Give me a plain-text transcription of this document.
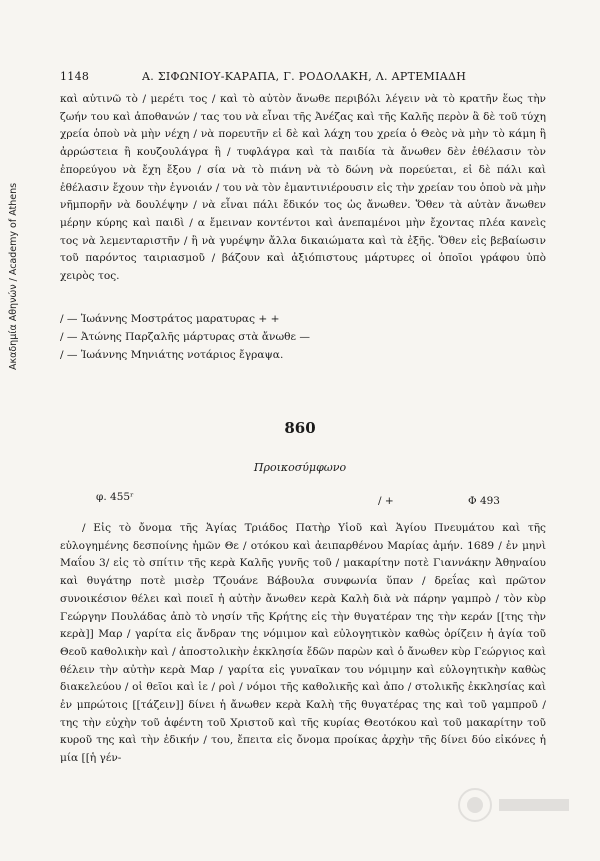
Ακαδημία Αθηνών / Academy of Athens
1148	Α. ΣΙΦΩΝΙΟΥ-ΚΑΡΑΠΑ, Γ. ΡΟΔΟΛΑΚΗ, Λ. ΑΡΤΕΜΙΑΔΗ

καὶ αὐτινῶ τὸ / μερέτι τος / καὶ τὸ αὐτὸν ἄνωθε περιβόλι λέγειν νὰ τὸ κρατῆν ἕως τὴν ζωήν του καὶ ἀποθανών / τας του νὰ εἶναι τῆς Ἀνέζας καὶ τῆς Καλῆς περὸν ἃ δὲ τοῦ τύχη χρεία ὁποὺ νὰ μὴν νέχη / νὰ πορευτῆν εἰ δὲ καὶ λάχη του χρεία ὁ Θεὸς νὰ μὴν τὸ κάμη ἢ ἀρρώστεια ἢ κουζουλάγρα ἢ / τυφλάγρα καὶ τὰ παιδία τὰ ἄνωθεν δὲν ἐθέλασιν τὸν ἐπορεύγου νὰ ἔχη ἔξου / σία νὰ τὸ πιάνη νὰ τὸ δώνη νὰ πορεύεται, εἰ δὲ πάλι καὶ ἐθέλασιν ἔχουν τὴν ἐγνοιάν / του νὰ τὸν ἐμαντινιέρουσιν εἰς τὴν χρείαν του ὁποὺ νὰ μὴν νῆμπορῆν νὰ δουλέψην / νὰ εἶναι πάλι ἔδικόν τος ὡς ἄνωθεν. Ὅθεν τὰ αὐτὰν ἄνωθεν μέρην κύρης καὶ παιδὶ / α ἔμειναν κοντέντοι καὶ ἀνεπαμένοι μὴν ἔχοντας πλέα κανεὶς τος νὰ λεμενταριστῆν / ἢ νὰ γυρέψην ἄλλα δικαιώματα καὶ τὰ ἐξῆς. Ὅθεν εἰς βεβαίωσιν τοῦ παρόντος ταιριασμοῦ / βάζουν καὶ ἀξιόπιστους μάρτυρες οἱ ὁποῖοι γράφου ὑπὸ χειρὸς τος.

/ — Ἰωάννης Μοστράτος μαρατυρας + +
/ — Ἀτώνης Παρζαλῆς μάρτυρας στὰ ἄνωθε —
/ — Ἰωάννης Μηνιάτης νοτάριος ἔγραψα.
860
Προικοσύμφωνο
φ. 455ʳ	/ +	Φ 493

/ Εἰς τὸ ὄνομα τῆς Ἁγίας Τριάδος Πατὴρ Υἱοῦ καὶ Ἁγίου Πνευμάτου καὶ τῆς εὐλογημένης δεσποίνης ἡμῶν Θε / οτόκου καὶ ἀειπαρθένου Μαρίας ἀμήν. 1689 / ἐν μηνὶ Μαΐου 3/ εἰς τὸ σπίτιν τῆς κερὰ Καλῆς γυνῆς τοῦ / μακαρίτην ποτὲ Γιαννάκην Ἀθηναίου καὶ θυγάτηρ ποτὲ μισὲρ Τζουάνε Βάβουλα συνφωνία ὕπαν / δρεΐας καὶ πρῶτον συνοικέσιον θέλει καὶ ποιεῖ ἡ αὐτὴν ἄνωθεν κερὰ Καλὴ διὰ νὰ πάρην γαμπρὸ / τὸν κὺρ Γεώργην Πουλάδας ἀπὸ τὸ νησίν τῆς Κρήτης εἰς τὴν θυγατέραν της τὴν κεράν [[της τὴν κερὰ]] Μαρ / γαρίτα εἰς ἄνδραν της νόμιμον καὶ εὐλογητικὸν καθὼς ὁρίζειν ἡ ἁγία τοῦ Θεοῦ καθολικὴν καὶ / ἀποστολικὴν ἐκκλησία ἔδῶν παρὼν καὶ ὁ ἄνωθεν κὺρ Γεώργιος καὶ θέλειν τὴν αὐτὴν κερὰ Μαρ / γαρίτα εἰς γυναῖκαν του νόμιμην καὶ εὐλογητικὴν καθὼς διακελεύου / οἱ θεῖοι καὶ ἱε / ροὶ / νόμοι τῆς καθολικῆς καὶ ἀπο / στολικῆς ἐκκλησίας καὶ ἐν μπρώτοις [[τάζειν]] δίνει ἡ ἄνωθεν κερὰ Καλὴ τῆς θυγατέρας της καὶ τοῦ γαμπροῦ / της τὴν εὐχὴν τοῦ ἀφέντη τοῦ Χριστοῦ καὶ τῆς κυρίας Θεοτόκου καὶ τοῦ μακαρίτην τοῦ κυροῦ της καὶ τὴν ἐδικήν / του, ἔπειτα εἰς ὄνομα προίκας ἀρχὴν τῆς δίνει δύο εἰκόνες ἡ μία [[ἡ γέν-
